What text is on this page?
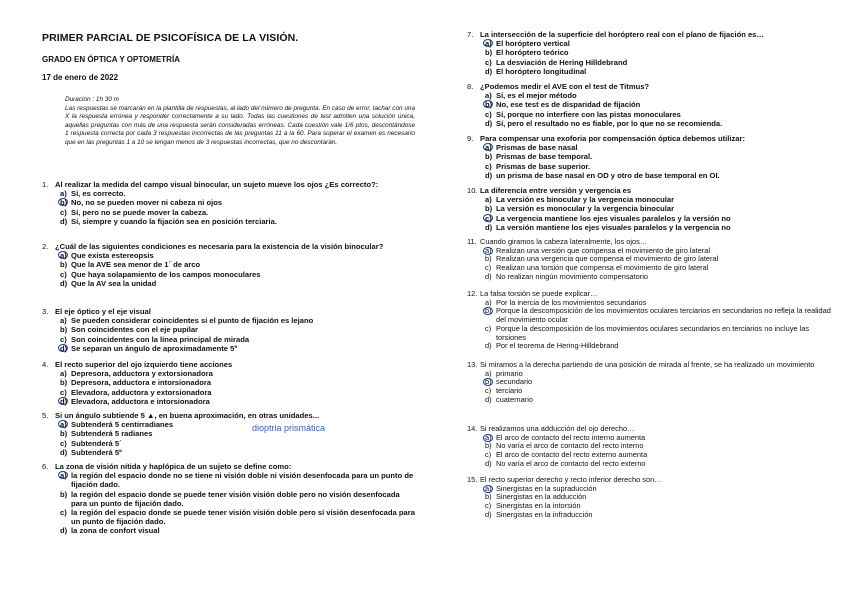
PRIMER PARCIAL DE PSICOFÍSICA DE LA VISIÓN.
GRADO EN ÓPTICA Y OPTOMETRÍA
17 de enero de 2022

Duración : 1h 30 m

Las respuestas se marcarán en la plantilla de respuestas, al lado del número de pregunta. En caso de error, tachar con una X la respuesta errónea y responder correctamente a su lado. Todas las cuestiones de test admiten una solución única, aquellas preguntas con más de una respuesta serán consideradas erróneas. Cada cuestión vale 1/6 ptos, descontándose 1 respuesta correcta por cada 3 respuestas incorrectas de las preguntas 11 a la 60. Para superar el examen es necesario que en las preguntas 1 a 10 se tengan menos de 3 respuestas incorrectas, que no descontarán.

dioptria prismática
1. Al realizar la medida del campo visual binocular, un sujeto mueve los ojos ¿Es correcto?:
a) Sí, es correcto.
b) No, no se pueden mover ni cabeza ni ojos
c) Sí, pero no se puede mover la cabeza.
d) Sí, siempre y cuando la fijación sea en posición terciaria.
2. ¿Cuál de las siguientes condiciones es necesaria para la existencia de la visión binocular?
a) Que exista estereopsis
b) Que la AVE sea menor de 1´ de arco
c) Que haya solapamiento de los campos monoculares
d) Que la AV sea la unidad
3. El eje óptico y el eje visual
a) Se pueden considerar coincidentes si el punto de fijación es lejano
b) Son coincidentes con el eje pupilar
c) Son coincidentes con la línea principal de mirada
d) Se separan un ángulo de aproximadamente 5º
4. El recto superior del ojo izquierdo tiene acciones
a) Depresora, adductora y extorsionadora
b) Depresora, adductora e intorsionadora
c) Elevadora, adductora y extorsionadora
d) Elevadora, adductora e intorsionadora
5. Si un ángulo subtiende 5 ▲, en buena aproximación, en otras unidades...
a) Subtenderá 5 centirradianes
b) Subtenderá 5 radianes
c) Subtenderá 5´
d) Subtenderá 5º
6. La zona de visión nítida y haplópica de un sujeto se define como:
a) la región del espacio donde no se tiene ni visión doble ni visión desenfocada para un punto de fijación dado.
b) la región del espacio donde se puede tener visión visión doble pero no visión desenfocada para un punto de fijación dado.
c) la región del espacio donde se puede tener visión visión doble pero sí visión desenfocada para un punto de fijación dado.
d) la zona de confort visual
7. La intersección de la superficie del horóptero real con el plano de fijación es…
a) El horóptero vertical
b) El horóptero teórico
c) La desviación de Hering Hilldebrand
d) El horóptero longitudinal
8. ¿Podemos medir el AVE con el test de Titmus?
a) Sí, es el mejor método
b) No, ese test es de disparidad de fijación
c) Sí, porque no interfiere con las pistas monoculares
d) Sí, pero el resultado no es fiable, por lo que no se recomienda.
9. Para compensar una exoforia por compensación óptica debemos utilizar:
a) Prismas de base nasal
b) Prismas de base temporal.
c) Prismas de base superior.
d) un prisma de base nasal en OD y otro de base temporal en OI.
10. La diferencia entre versión y vergencia es
a) La versión es binocular y la vergencia monocular
b) La versión es monocular y la vergencia binocular
c) La vergencia mantiene los ejes visuales paralelos y la versión no
d) La versión mantiene los ejes visuales paralelos y la vergencia no
11. Cuando giramos la cabeza lateralmente, los ojos…
a) Realizan una versión que compensa el movimiento de giro lateral
b) Realizan una vergencia que compensa el movimiento de giro lateral
c) Realizan una torsión que compensa el movimiento de giro lateral
d) No realizan ningún movimiento compensatorio
12. La falsa torsión se puede explicar…
a) Por la inercia de los movimientos secundarios
b) Porque la descomposición de los movimientos oculares terciarios en secundarios no refleja la realidad del movimiento ocular
c) Porque la descomposición de los movimientos oculares secundarios en terciarios no incluye las torsiones
d) Por el teorema de Hering-Hilldebrand
13. Si miramos a la derecha partiendo de una posición de mirada al frente, se ha realizado un movimiento
a) primario
b) secundario
c) terciario
d) cuaternario
14. Si realizamos una adducción del ojo derecho…
a) El arco de contacto del recto interno aumenta
b) No varía el arco de contacto del recto interno
c) El arco de contacto del recto externo aumenta
d) No varía el arco de contacto del recto externo
15. El recto superior derecho y recto inferior derecho son…
a) Sinergistas en la supraducción
b) Sinergistas en la adducción
c) Sinergistas en la intorsión
d) Sinergistas en la infraducción
